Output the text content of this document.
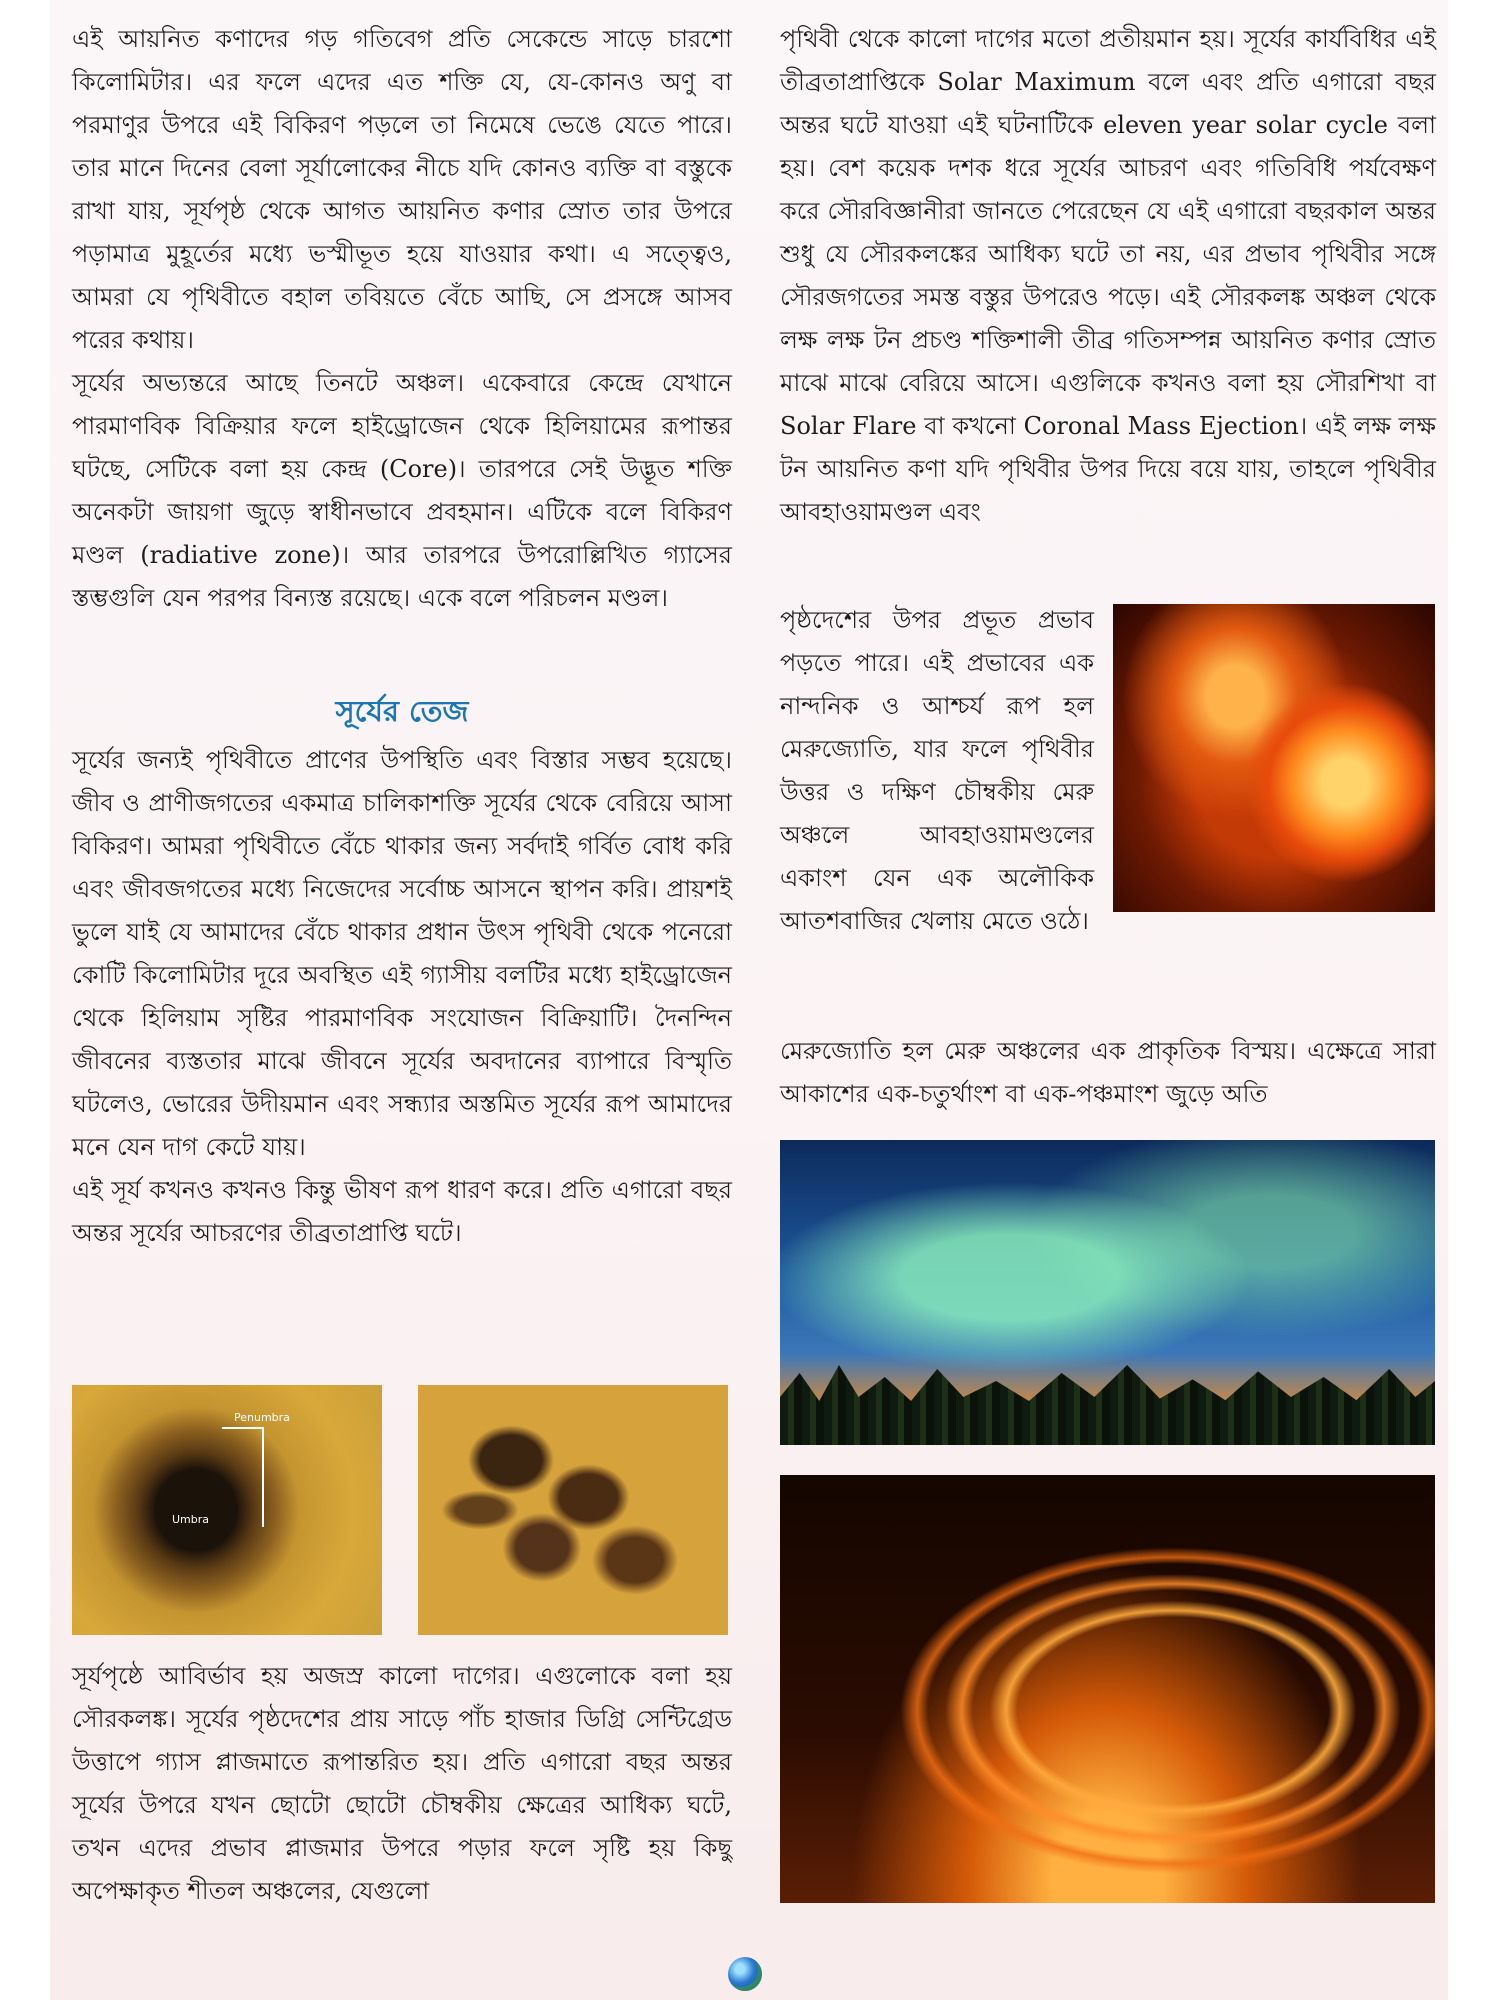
এই আয়নিত কণাদের গড় গতিবেগ প্রতি সেকেন্ডে সাড়ে চারশো কিলোমিটার। এর ফলে এদের এত শক্তি যে, যে-কোনও অণু বা পরমাণুর উপরে এই বিকিরণ পড়লে তা নিমেষে ভেঙে যেতে পারে। তার মানে দিনের বেলা সূর্যালোকের নীচে যদি কোনও ব্যক্তি বা বস্তুকে রাখা যায়, সূর্যপৃষ্ঠ থেকে আগত আয়নিত কণার স্রোত তার উপরে পড়ামাত্র মুহূর্তের মধ্যে ভস্মীভূত হয়ে যাওয়ার কথা। এ সত্ত্বেও, আমরা যে পৃথিবীতে বহাল তবিয়তে বেঁচে আছি, সে প্রসঙ্গে আসব পরের কথায়।

সূর্যের অভ্যন্তরে আছে তিনটে অঞ্চল। একেবারে কেন্দ্রে যেখানে পারমাণবিক বিক্রিয়ার ফলে হাইড্রোজেন থেকে হিলিয়ামের রূপান্তর ঘটছে, সেটিকে বলা হয় কেন্দ্র (Core)। তারপরে সেই উদ্ভূত শক্তি অনেকটা জায়গা জুড়ে স্বাধীনভাবে প্রবহমান। এটিকে বলে বিকিরণ মণ্ডল (radiative zone)। আর তারপরে উপরোল্লিখিত গ্যাসের স্তম্ভগুলি যেন পরপর বিন্যস্ত রয়েছে। একে বলে পরিচলন মণ্ডল।

সূর্যের তেজ

সূর্যের জন্যই পৃথিবীতে প্রাণের উপস্থিতি এবং বিস্তার সম্ভব হয়েছে। জীব ও প্রাণীজগতের একমাত্র চালিকাশক্তি সূর্যের থেকে বেরিয়ে আসা বিকিরণ। আমরা পৃথিবীতে বেঁচে থাকার জন্য সর্বদাই গর্বিত বোধ করি এবং জীবজগতের মধ্যে নিজেদের সর্বোচ্চ আসনে স্থাপন করি। প্রায়শই ভুলে যাই যে আমাদের বেঁচে থাকার প্রধান উৎস পৃথিবী থেকে পনেরো কোটি কিলোমিটার দূরে অবস্থিত এই গ্যাসীয় বলটির মধ্যে হাইড্রোজেন থেকে হিলিয়াম সৃষ্টির পারমাণবিক সংযোজন বিক্রিয়াটি। দৈনন্দিন জীবনের ব্যস্ততার মাঝে জীবনে সূর্যের অবদানের ব্যাপারে বিস্মৃতি ঘটলেও, ভোরের উদীয়মান এবং সন্ধ্যার অস্তমিত সূর্যের রূপ আমাদের মনে যেন দাগ কেটে যায়।

এই সূর্য কখনও কখনও কিন্তু ভীষণ রূপ ধারণ করে। প্রতি এগারো বছর অন্তর সূর্যের আচরণের তীব্রতাপ্রাপ্তি ঘটে।

Penumbra
Umbra

সূর্যপৃষ্ঠে আবির্ভাব হয় অজস্র কালো দাগের। এগুলোকে বলা হয় সৌরকলঙ্ক। সূর্যের পৃষ্ঠদেশের প্রায় সাড়ে পাঁচ হাজার ডিগ্রি সেন্টিগ্রেড উত্তাপে গ্যাস প্লাজমাতে রূপান্তরিত হয়। প্রতি এগারো বছর অন্তর সূর্যের উপরে যখন ছোটো ছোটো চৌম্বকীয় ক্ষেত্রের আধিক্য ঘটে, তখন এদের প্রভাব প্লাজমার উপরে পড়ার ফলে সৃষ্টি হয় কিছু অপেক্ষাকৃত শীতল অঞ্চলের, যেগুলো

পৃথিবী থেকে কালো দাগের মতো প্রতীয়মান হয়। সূর্যের কার্যবিধির এই তীব্রতাপ্রাপ্তিকে Solar Maximum বলে এবং প্রতি এগারো বছর অন্তর ঘটে যাওয়া এই ঘটনাটিকে eleven year solar cycle বলা হয়। বেশ কয়েক দশক ধরে সূর্যের আচরণ এবং গতিবিধি পর্যবেক্ষণ করে সৌরবিজ্ঞানীরা জানতে পেরেছেন যে এই এগারো বছরকাল অন্তর শুধু যে সৌরকলঙ্কের আধিক্য ঘটে তা নয়, এর প্রভাব পৃথিবীর সঙ্গে সৌরজগতের সমস্ত বস্তুর উপরেও পড়ে। এই সৌরকলঙ্ক অঞ্চল থেকে লক্ষ লক্ষ টন প্রচণ্ড শক্তিশালী তীব্র গতিসম্পন্ন আয়নিত কণার স্রোত মাঝে মাঝে বেরিয়ে আসে। এগুলিকে কখনও বলা হয় সৌরশিখা বা Solar Flare বা কখনো Coronal Mass Ejection। এই লক্ষ লক্ষ টন আয়নিত কণা যদি পৃথিবীর উপর দিয়ে বয়ে যায়, তাহলে পৃথিবীর আবহাওয়ামণ্ডল এবং

পৃষ্ঠদেশের উপর প্রভূত প্রভাব পড়তে পারে। এই প্রভাবের এক নান্দনিক ও আশ্চর্য রূপ হল মেরুজ্যোতি, যার ফলে পৃথিবীর উত্তর ও দক্ষিণ চৌম্বকীয় মেরু অঞ্চলে আবহাওয়ামণ্ডলের একাংশ যেন এক অলৌকিক আতশবাজির খেলায় মেতে ওঠে।

মেরুজ্যোতি হল মেরু অঞ্চলের এক প্রাকৃতিক বিস্ময়। এক্ষেত্রে সারা আকাশের এক-চতুর্থাংশ বা এক-পঞ্চমাংশ জুড়ে অতি
